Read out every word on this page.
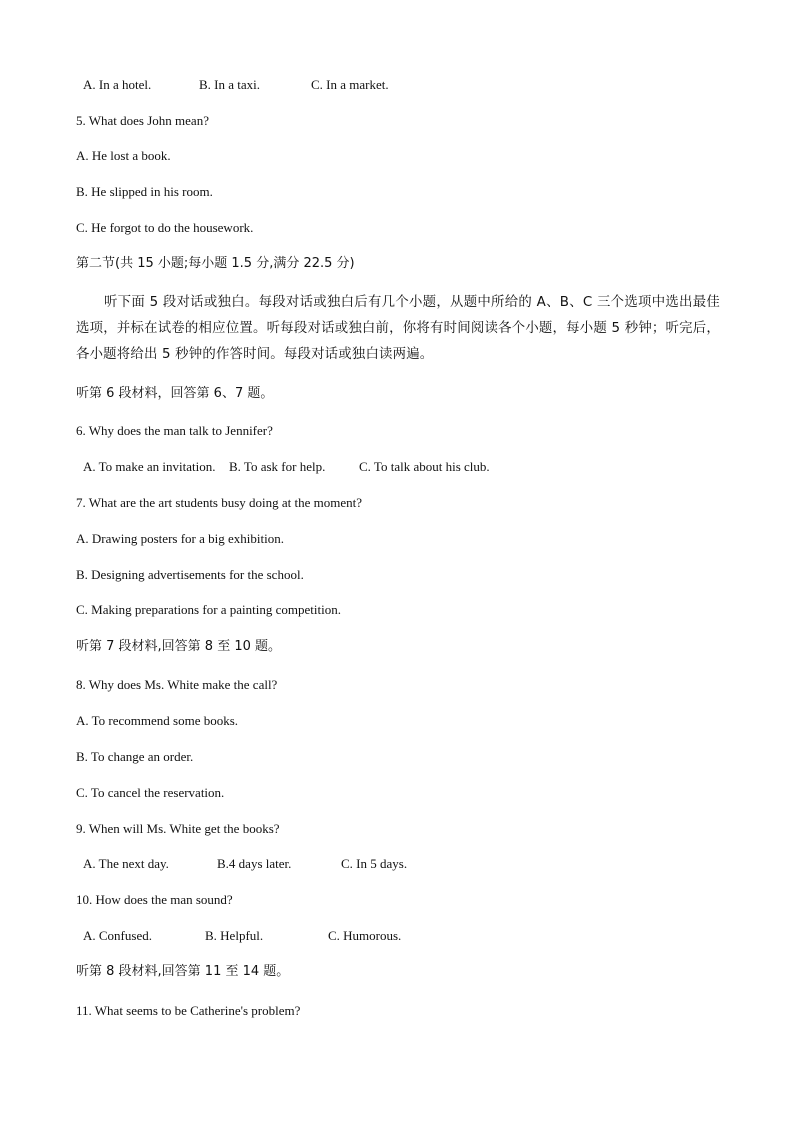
A. In a hotel.	B. In a taxi.	C. In a market.
5. What does John mean?
A. He lost a book.
B. He slipped in his room.
C. He forgot to do the housework.
第二节(共 15 小题;每小题 1.5 分,满分 22.5 分)
听下面 5 段对话或独白。每段对话或独白后有几个小题，从题中所给的 A、B、C 三个选项中选出最佳选项，并标在试卷的相应位置。听每段对话或独白前，你将有时间阅读各个小题，每小题 5 秒钟；听完后，各小题将给出 5 秒钟的作答时间。每段对话或独白读两遍。
听第 6 段材料，回答第 6、7 题。
6. Why does the man talk to Jennifer?
A. To make an invitation. B. To ask for help.	C. To talk about his club.
7. What are the art students busy doing at the moment?
A. Drawing posters for a big exhibition.
B. Designing advertisements for the school.
C. Making preparations for a painting competition.
听第 7 段材料,回答第 8 至 10 题。
8. Why does Ms. White make the call?
A. To recommend some books.
B. To change an order.
C. To cancel the reservation.
9. When will Ms. White get the books?
A. The next day.	B.4 days later.	C. In 5 days.
10. How does the man sound?
A. Confused.	B. Helpful.	C. Humorous.
听第 8 段材料,回答第 11 至 14 题。
11. What seems to be Catherine's problem?
